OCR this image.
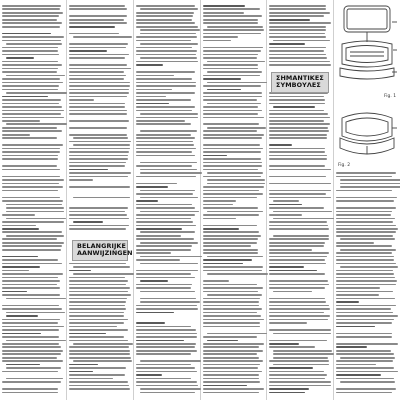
BELANGRIJKE AANWIJZINGEN
ΣΗΜΑΝΤΙΚΕΣ ΣΥΜΒΟΥΛΕΣ
Fig. 1
Fig. 2
